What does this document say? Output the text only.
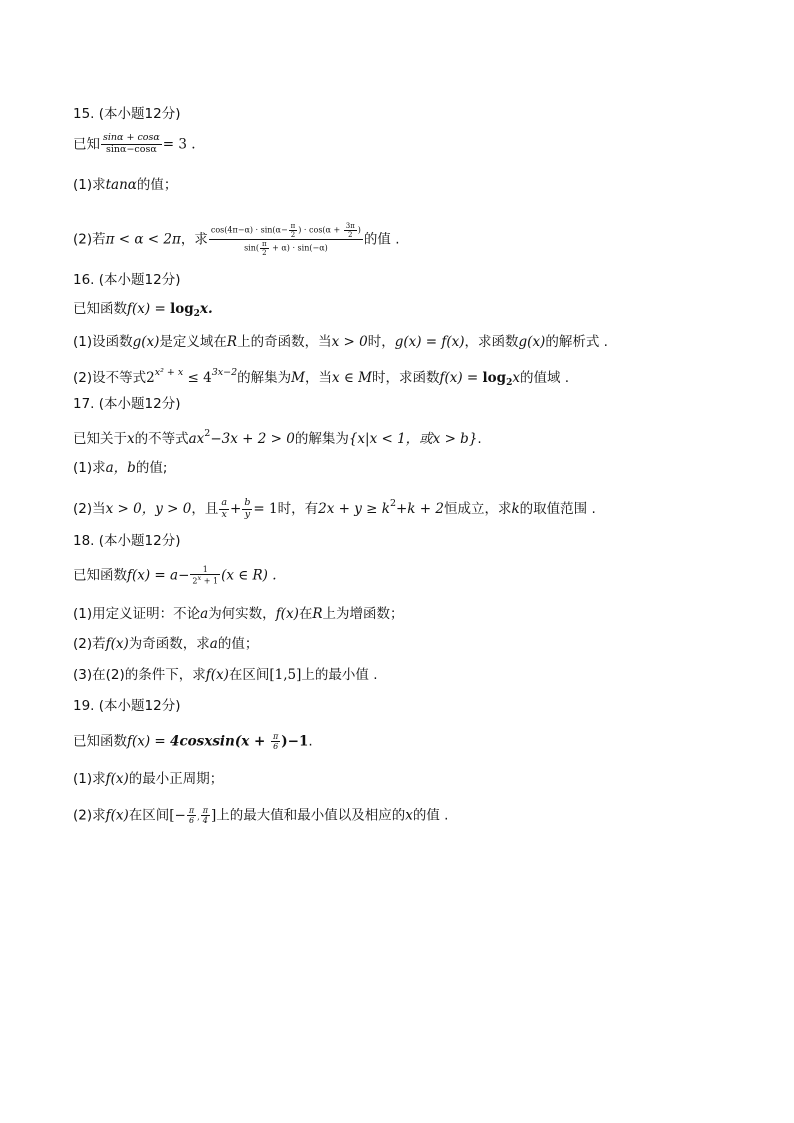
15. (本小题12分)
已知 $\frac{\sin\alpha + \cos\alpha}{\sin\alpha-\cos\alpha} = 3$ .
(1)求tanα的值；
(2)若π < α < 2π，求 $\frac{\cos(4\pi-\alpha) \cdot \sin(\alpha- \frac{\pi}{2} ) \cdot \cos(\alpha + \frac{3\pi}{2} )}{\sin( \frac{\pi}{2} + \alpha) \cdot \sin(-\alpha)}$ 的值 .
16. (本小题12分)
已知函数$f(x) = \log_2x$.
(1)设函数g(x)是定义域在R上的奇函数，当x > 0时，g(x) = f(x)，求函数g(x)的解析式 .
(2)设不等式$2^{x^2 + x} \le 4^{3x-2}$的解集为M，当x ∈ M时，求函数$f(x) = \log_2x$的值域 .
17. (本小题12分)
已知关于x的不等式$ax^2-3x + 2 > 0$的解集为{x|x < 1，或x > b}.
(1)求a，b的值;
(2)当x > 0，y > 0，且 $\frac{a}{x} + \frac{b}{y} = 1$时，有$2x + y \ge k^2+k + 2$恒成立，求k的取值范围 .
18. (本小题12分)
已知函数$f(x) = a- \frac{1}{2^x + 1} (x$ ∈ R) .
(1)用定义证明：不论a为何实数，f(x)在R上为增函数；
(2)若f(x)为奇函数，求a的值；
(3)在(2)的条件下，求f(x)在区间[1,5]上的最小值 .
19. (本小题12分)
已知函数f(x) = 4cosxsin(x + $\frac{\pi}{6} )-1$.
(1)求f(x)的最小正周期；
(2)求f(x)在区间[− $\frac{\pi}{6}$ , $\frac{\pi}{4}$ ]上的最大值和最小值以及相应的x的值 .
